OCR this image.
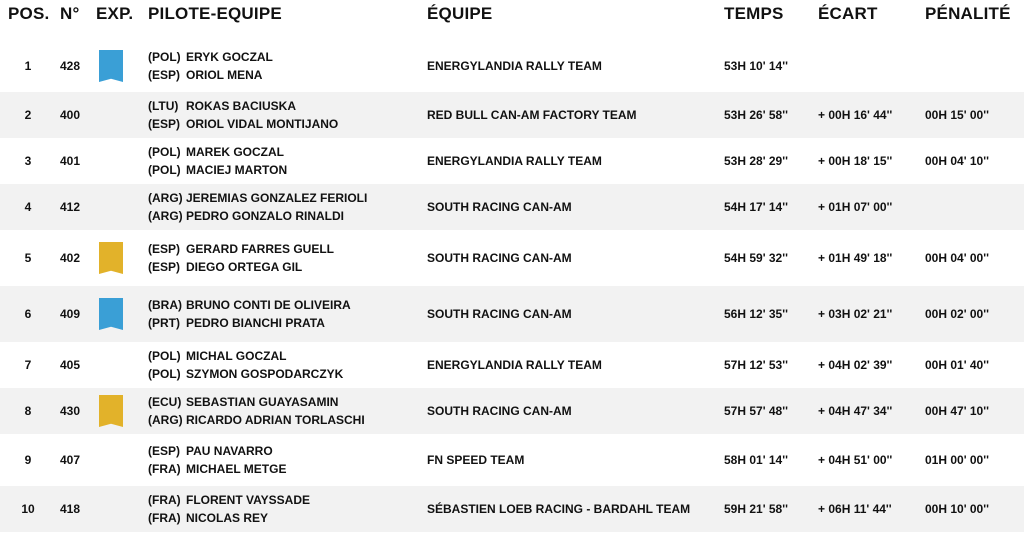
POS. N° EXP. PILOTE-EQUIPE	ÉQUIPE	TEMPS ÉCART	PÉNALITÉ
1	428
(POL) ERYK GOCZAL
(ESP) ORIOL MENA
ENERGYLANDIA RALLY TEAM	53H 10' 14''
2	400
(LTU) ROKAS BACIUSKA
(ESP) ORIOL VIDAL MONTIJANO
RED BULL CAN-AM FACTORY TEAM	53H 26' 58''	+ 00H 16' 44''	00H 15' 00''
3	401
(POL) MAREK GOCZAL
(POL) MACIEJ MARTON
ENERGYLANDIA RALLY TEAM	53H 28' 29''	+ 00H 18' 15''	00H 04' 10''
4	412
(ARG) JEREMIAS GONZALEZ FERIOLI
(ARG) PEDRO GONZALO RINALDI
SOUTH RACING CAN-AM	54H 17' 14''	+ 01H 07' 00''
5	402
(ESP) GERARD FARRES GUELL
(ESP) DIEGO ORTEGA GIL
SOUTH RACING CAN-AM	54H 59' 32''	+ 01H 49' 18''	00H 04' 00''
6	409
(BRA) BRUNO CONTI DE OLIVEIRA
(PRT) PEDRO BIANCHI PRATA
SOUTH RACING CAN-AM	56H 12' 35''	+ 03H 02' 21''	00H 02' 00''
7	405
(POL) MICHAL GOCZAL
(POL) SZYMON GOSPODARCZYK
ENERGYLANDIA RALLY TEAM	57H 12' 53''	+ 04H 02' 39''	00H 01' 40''
8	430
(ECU) SEBASTIAN GUAYASAMIN
(ARG) RICARDO ADRIAN TORLASCHI
SOUTH RACING CAN-AM	57H 57' 48''	+ 04H 47' 34''	00H 47' 10''
9	407
(ESP) PAU NAVARRO
(FRA) MICHAEL METGE
FN SPEED TEAM	58H 01' 14''	+ 04H 51' 00''	01H 00' 00''
10	418
(FRA) FLORENT VAYSSADE
(FRA) NICOLAS REY
SÉBASTIEN LOEB RACING - BARDAHL TEAM	59H 21' 58''	+ 06H 11' 44''	00H 10' 00''
